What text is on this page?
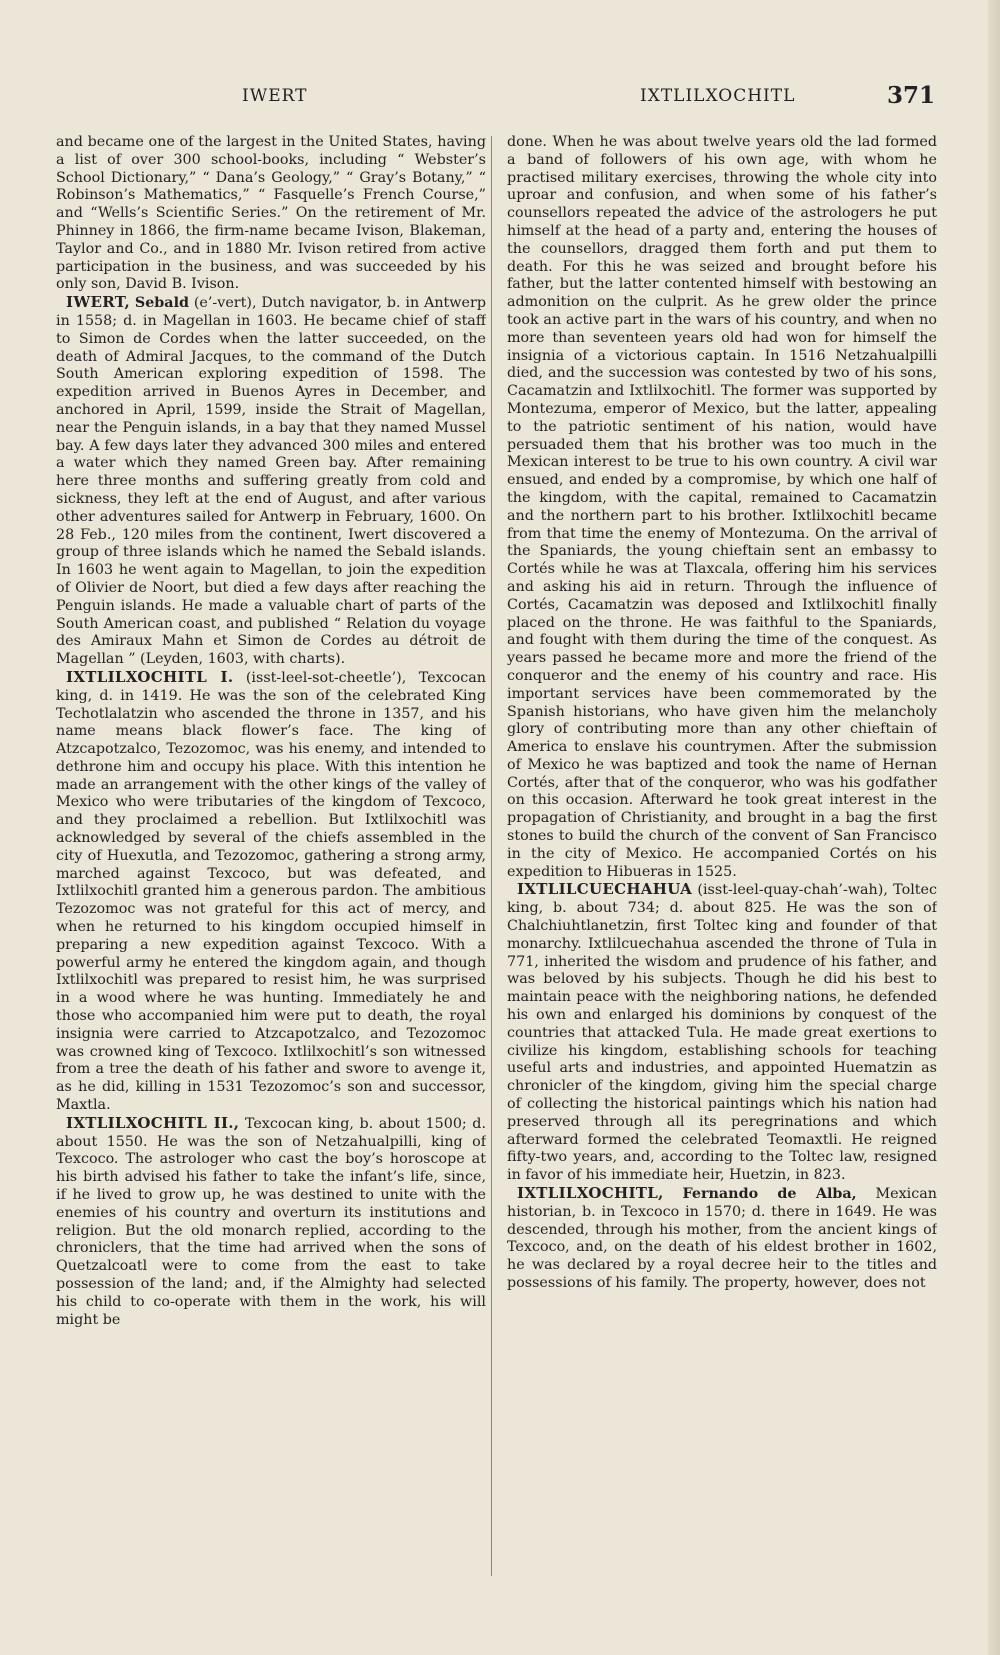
IWERT	IXTLILXOCHITL	371

and became one of the largest in the United States, having a list of over 300 school-books, including “ Webster’s School Dictionary,” “ Dana’s Geology,” “ Gray’s Botany,” “ Robinson’s Mathematics,” “ Fasquelle’s French Course,” and “Wells’s Scientific Series.” On the retirement of Mr. Phinney in 1866, the firm-name became Ivison, Blakeman, Taylor and Co., and in 1880 Mr. Ivison retired from active participation in the business, and was succeeded by his only son, David B. Ivison.

IWERT, Sebald (e’-vert), Dutch navigator, b. in Antwerp in 1558; d. in Magellan in 1603. He became chief of staff to Simon de Cordes when the latter succeeded, on the death of Admiral Jacques, to the command of the Dutch South American exploring expedition of 1598. The expedition arrived in Buenos Ayres in December, and anchored in April, 1599, inside the Strait of Magellan, near the Penguin islands, in a bay that they named Mussel bay. A few days later they advanced 300 miles and entered a water which they named Green bay. After remaining here three months and suffering greatly from cold and sickness, they left at the end of August, and after various other adventures sailed for Antwerp in February, 1600. On 28 Feb., 120 miles from the continent, Iwert discovered a group of three islands which he named the Sebald islands. In 1603 he went again to Magellan, to join the expedition of Olivier de Noort, but died a few days after reaching the Penguin islands. He made a valuable chart of parts of the South American coast, and published “ Relation du voyage des Amiraux Mahn et Simon de Cordes au détroit de Magellan ” (Leyden, 1603, with charts).

IXTLILXOCHITL I. (isst-leel-sot-cheetle’), Texcocan king, d. in 1419. He was the son of the celebrated King Techotlalatzin who ascended the throne in 1357, and his name means black flower’s face. The king of Atzcapotzalco, Tezozomoc, was his enemy, and intended to dethrone him and occupy his place. With this intention he made an arrangement with the other kings of the valley of Mexico who were tributaries of the kingdom of Texcoco, and they proclaimed a rebellion. But Ixtlilxochitl was acknowledged by several of the chiefs assembled in the city of Huexutla, and Tezozomoc, gathering a strong army, marched against Texcoco, but was defeated, and Ixtlilxochitl granted him a generous pardon. The ambitious Tezozomoc was not grateful for this act of mercy, and when he returned to his kingdom occupied himself in preparing a new expedition against Texcoco. With a powerful army he entered the kingdom again, and though Ixtlilxochitl was prepared to resist him, he was surprised in a wood where he was hunting. Immediately he and those who accompanied him were put to death, the royal insignia were carried to Atzcapotzalco, and Tezozomoc was crowned king of Texcoco. Ixtlilxochitl’s son witnessed from a tree the death of his father and swore to avenge it, as he did, killing in 1531 Tezozomoc’s son and successor, Maxtla.

IXTLILXOCHITL II., Texcocan king, b. about 1500; d. about 1550. He was the son of Netzahualpilli, king of Texcoco. The astrologer who cast the boy’s horoscope at his birth advised his father to take the infant’s life, since, if he lived to grow up, he was destined to unite with the enemies of his country and overturn its institutions and religion. But the old monarch replied, according to the chroniclers, that the time had arrived when the sons of Quetzalcoatl were to come from the east to take possession of the land; and, if the Almighty had selected his child to co-operate with them in the work, his will might be

done. When he was about twelve years old the lad formed a band of followers of his own age, with whom he practised military exercises, throwing the whole city into uproar and confusion, and when some of his father’s counsellors repeated the advice of the astrologers he put himself at the head of a party and, entering the houses of the counsellors, dragged them forth and put them to death. For this he was seized and brought before his father, but the latter contented himself with bestowing an admonition on the culprit. As he grew older the prince took an active part in the wars of his country, and when no more than seventeen years old had won for himself the insignia of a victorious captain. In 1516 Netzahualpilli died, and the succession was contested by two of his sons, Cacamatzin and Ixtlilxochitl. The former was supported by Montezuma, emperor of Mexico, but the latter, appealing to the patriotic sentiment of his nation, would have persuaded them that his brother was too much in the Mexican interest to be true to his own country. A civil war ensued, and ended by a compromise, by which one half of the kingdom, with the capital, remained to Cacamatzin and the northern part to his brother. Ixtlilxochitl became from that time the enemy of Montezuma. On the arrival of the Spaniards, the young chieftain sent an embassy to Cortés while he was at Tlaxcala, offering him his services and asking his aid in return. Through the influence of Cortés, Cacamatzin was deposed and Ixtlilxochitl finally placed on the throne. He was faithful to the Spaniards, and fought with them during the time of the conquest. As years passed he became more and more the friend of the conqueror and the enemy of his country and race. His important services have been commemorated by the Spanish historians, who have given him the melancholy glory of contributing more than any other chieftain of America to enslave his countrymen. After the submission of Mexico he was baptized and took the name of Hernan Cortés, after that of the conqueror, who was his godfather on this occasion. Afterward he took great interest in the propagation of Christianity, and brought in a bag the first stones to build the church of the convent of San Francisco in the city of Mexico. He accompanied Cortés on his expedition to Hibueras in 1525.

IXTLILCUECHAHUA (isst-leel-quay-chah’-wah), Toltec king, b. about 734; d. about 825. He was the son of Chalchiuhtlanetzin, first Toltec king and founder of that monarchy. Ixtlilcuechahua ascended the throne of Tula in 771, inherited the wisdom and prudence of his father, and was beloved by his subjects. Though he did his best to maintain peace with the neighboring nations, he defended his own and enlarged his dominions by conquest of the countries that attacked Tula. He made great exertions to civilize his kingdom, establishing schools for teaching useful arts and industries, and appointed Huematzin as chronicler of the kingdom, giving him the special charge of collecting the historical paintings which his nation had preserved through all its peregrinations and which afterward formed the celebrated Teomaxtli. He reigned fifty-two years, and, according to the Toltec law, resigned in favor of his immediate heir, Huetzin, in 823.

IXTLILXOCHITL, Fernando de Alba, Mexican historian, b. in Texcoco in 1570; d. there in 1649. He was descended, through his mother, from the ancient kings of Texcoco, and, on the death of his eldest brother in 1602, he was declared by a royal decree heir to the titles and possessions of his family. The property, however, does not
